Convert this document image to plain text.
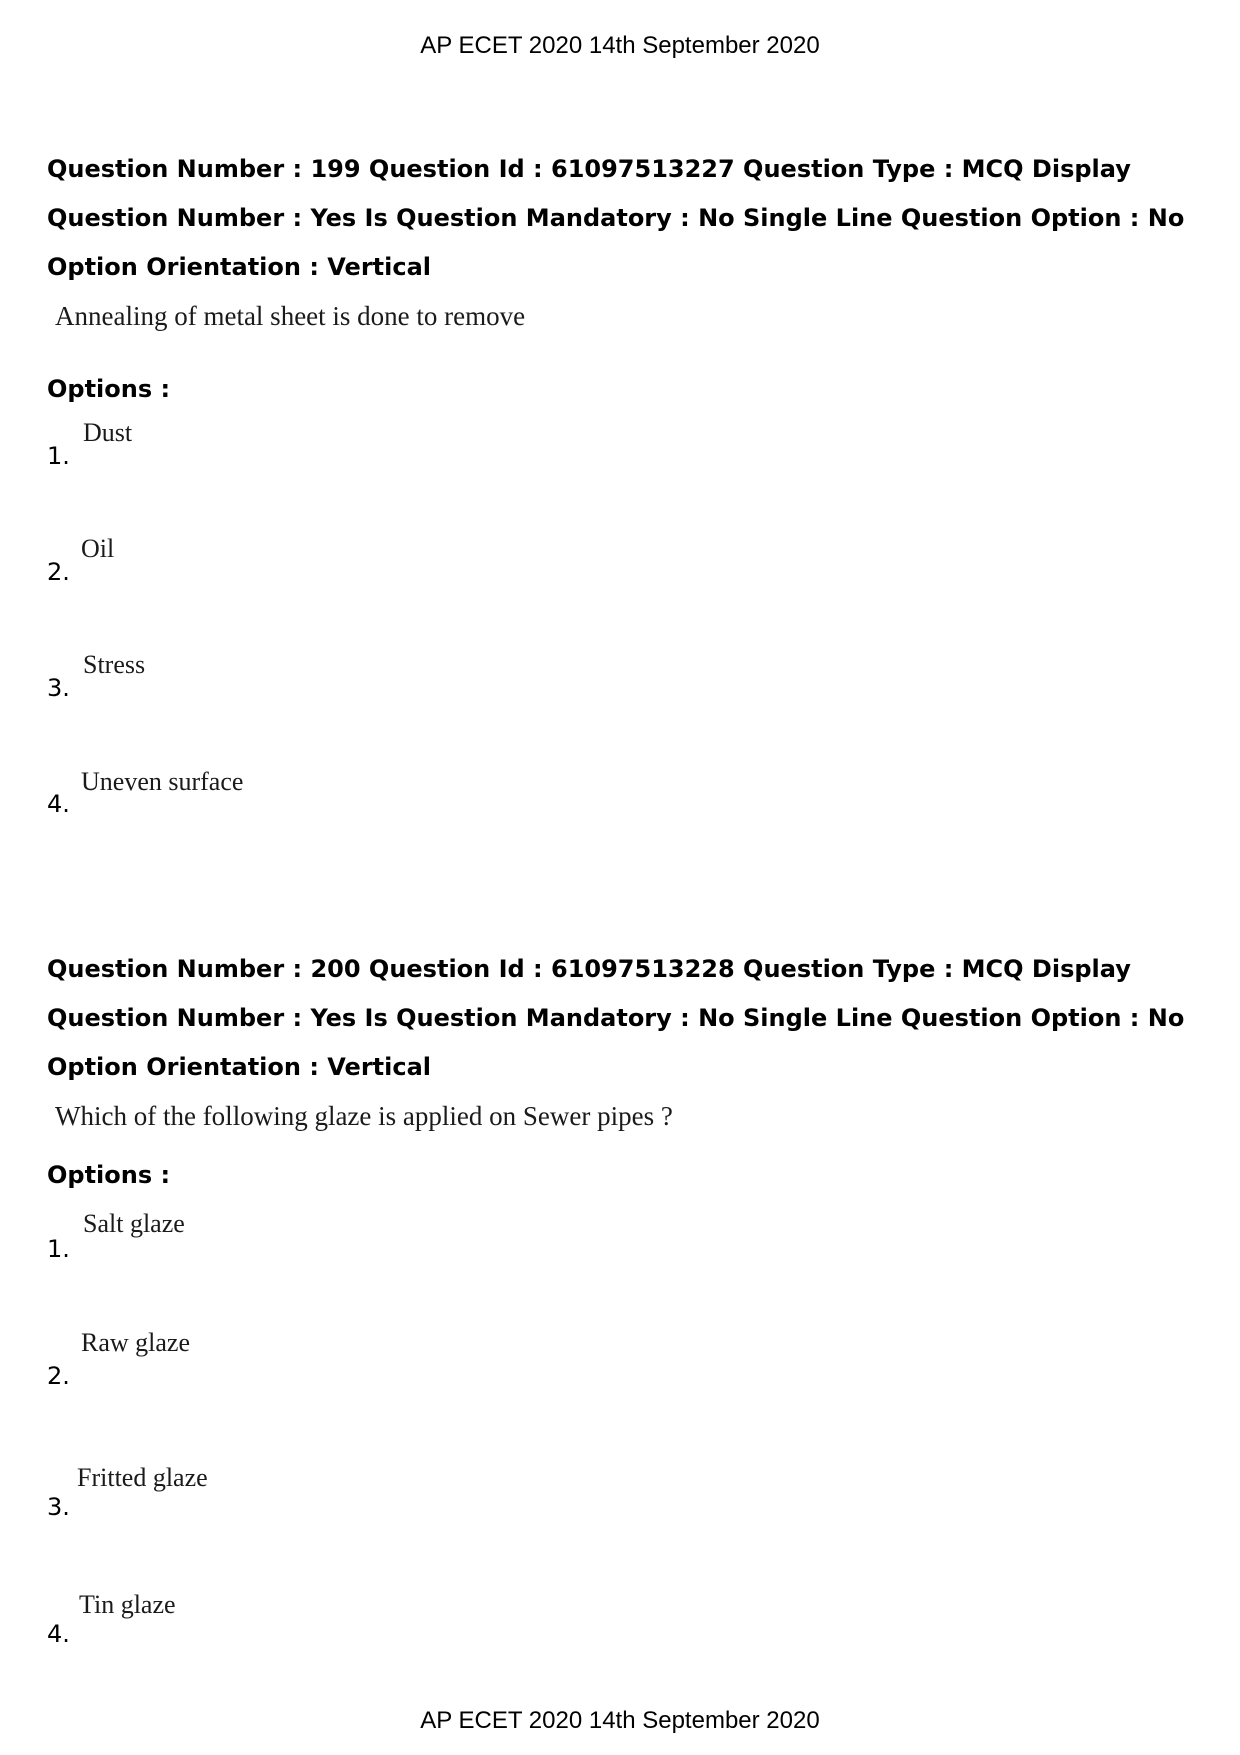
AP ECET 2020 14th September 2020
Question Number : 199 Question Id : 61097513227 Question Type : MCQ Display Question Number : Yes Is Question Mandatory : No Single Line Question Option : No Option Orientation : Vertical
Annealing of metal sheet is done to remove
Options :
1.
Dust
2.
Oil
3.
Stress
4.
Uneven surface
Question Number : 200 Question Id : 61097513228 Question Type : MCQ Display Question Number : Yes Is Question Mandatory : No Single Line Question Option : No Option Orientation : Vertical
Which of the following glaze is applied on Sewer pipes ?
Options :
1.
Salt glaze
2.
Raw glaze
3.
Fritted glaze
4.
Tin glaze
AP ECET 2020 14th September 2020
